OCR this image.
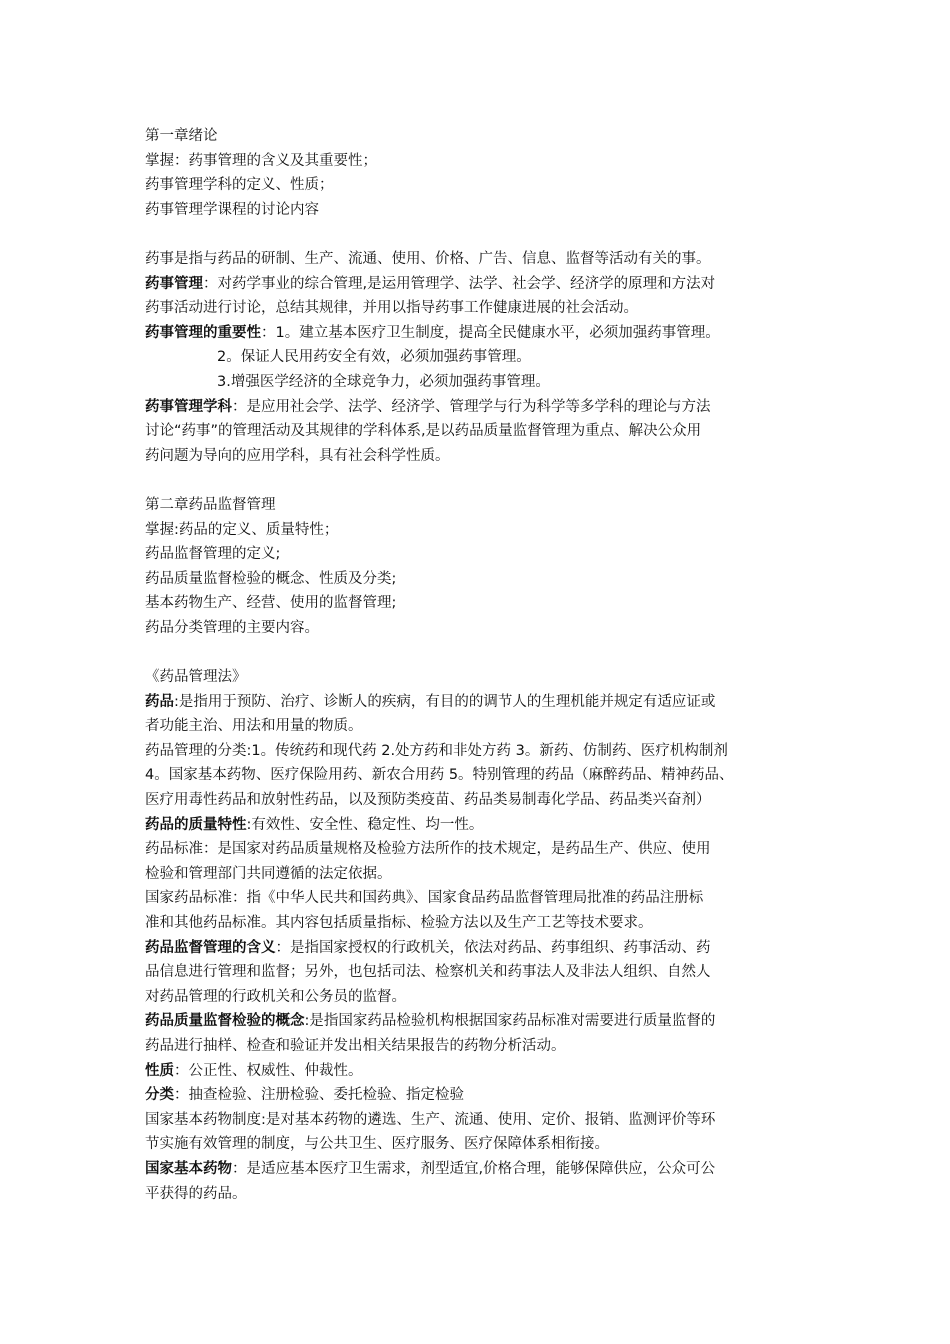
第一章绪论
掌握：药事管理的含义及其重要性；
药事管理学科的定义、性质；
药事管理学课程的讨论内容
药事是指与药品的研制、生产、流通、使用、价格、广告、信息、监督等活动有关的事。
药事管理：对药学事业的综合管理,是运用管理学、法学、社会学、经济学的原理和方法对
药事活动进行讨论，总结其规律，并用以指导药事工作健康进展的社会活动。
药事管理的重要性：1。建立基本医疗卫生制度，提高全民健康水平，必须加强药事管理。
2。保证人民用药安全有效，必须加强药事管理。
3.增强医学经济的全球竞争力，必须加强药事管理。
药事管理学科：是应用社会学、法学、经济学、管理学与行为科学等多学科的理论与方法
讨论“药事”的管理活动及其规律的学科体系,是以药品质量监督管理为重点、解决公众用
药问题为导向的应用学科，具有社会科学性质。
第二章药品监督管理
掌握:药品的定义、质量特性；
药品监督管理的定义;
药品质量监督检验的概念、性质及分类;
基本药物生产、经营、使用的监督管理;
药品分类管理的主要内容。
《药品管理法》
药品:是指用于预防、治疗、诊断人的疾病，有目的的调节人的生理机能并规定有适应证或
者功能主治、用法和用量的物质。
药品管理的分类:1。传统药和现代药 2.处方药和非处方药 3。新药、仿制药、医疗机构制剂
4。国家基本药物、医疗保险用药、新农合用药 5。特别管理的药品（麻醉药品、精神药品、
医疗用毒性药品和放射性药品，以及预防类疫苗、药品类易制毒化学品、药品类兴奋剂）
药品的质量特性:有效性、安全性、稳定性、均一性。
药品标准：是国家对药品质量规格及检验方法所作的技术规定，是药品生产、供应、使用
检验和管理部门共同遵循的法定依据。
国家药品标准：指《中华人民共和国药典》、国家食品药品监督管理局批准的药品注册标
准和其他药品标准。其内容包括质量指标、检验方法以及生产工艺等技术要求。
药品监督管理的含义：是指国家授权的行政机关，依法对药品、药事组织、药事活动、药
品信息进行管理和监督；另外，也包括司法、检察机关和药事法人及非法人组织、自然人
对药品管理的行政机关和公务员的监督。
药品质量监督检验的概念:是指国家药品检验机构根据国家药品标准对需要进行质量监督的
药品进行抽样、检查和验证并发出相关结果报告的药物分析活动。
性质：公正性、权威性、仲裁性。
分类：抽查检验、注册检验、委托检验、指定检验
国家基本药物制度:是对基本药物的遴选、生产、流通、使用、定价、报销、监测评价等环
节实施有效管理的制度，与公共卫生、医疗服务、医疗保障体系相衔接。
国家基本药物：是适应基本医疗卫生需求，剂型适宜,价格合理，能够保障供应，公众可公
平获得的药品。
